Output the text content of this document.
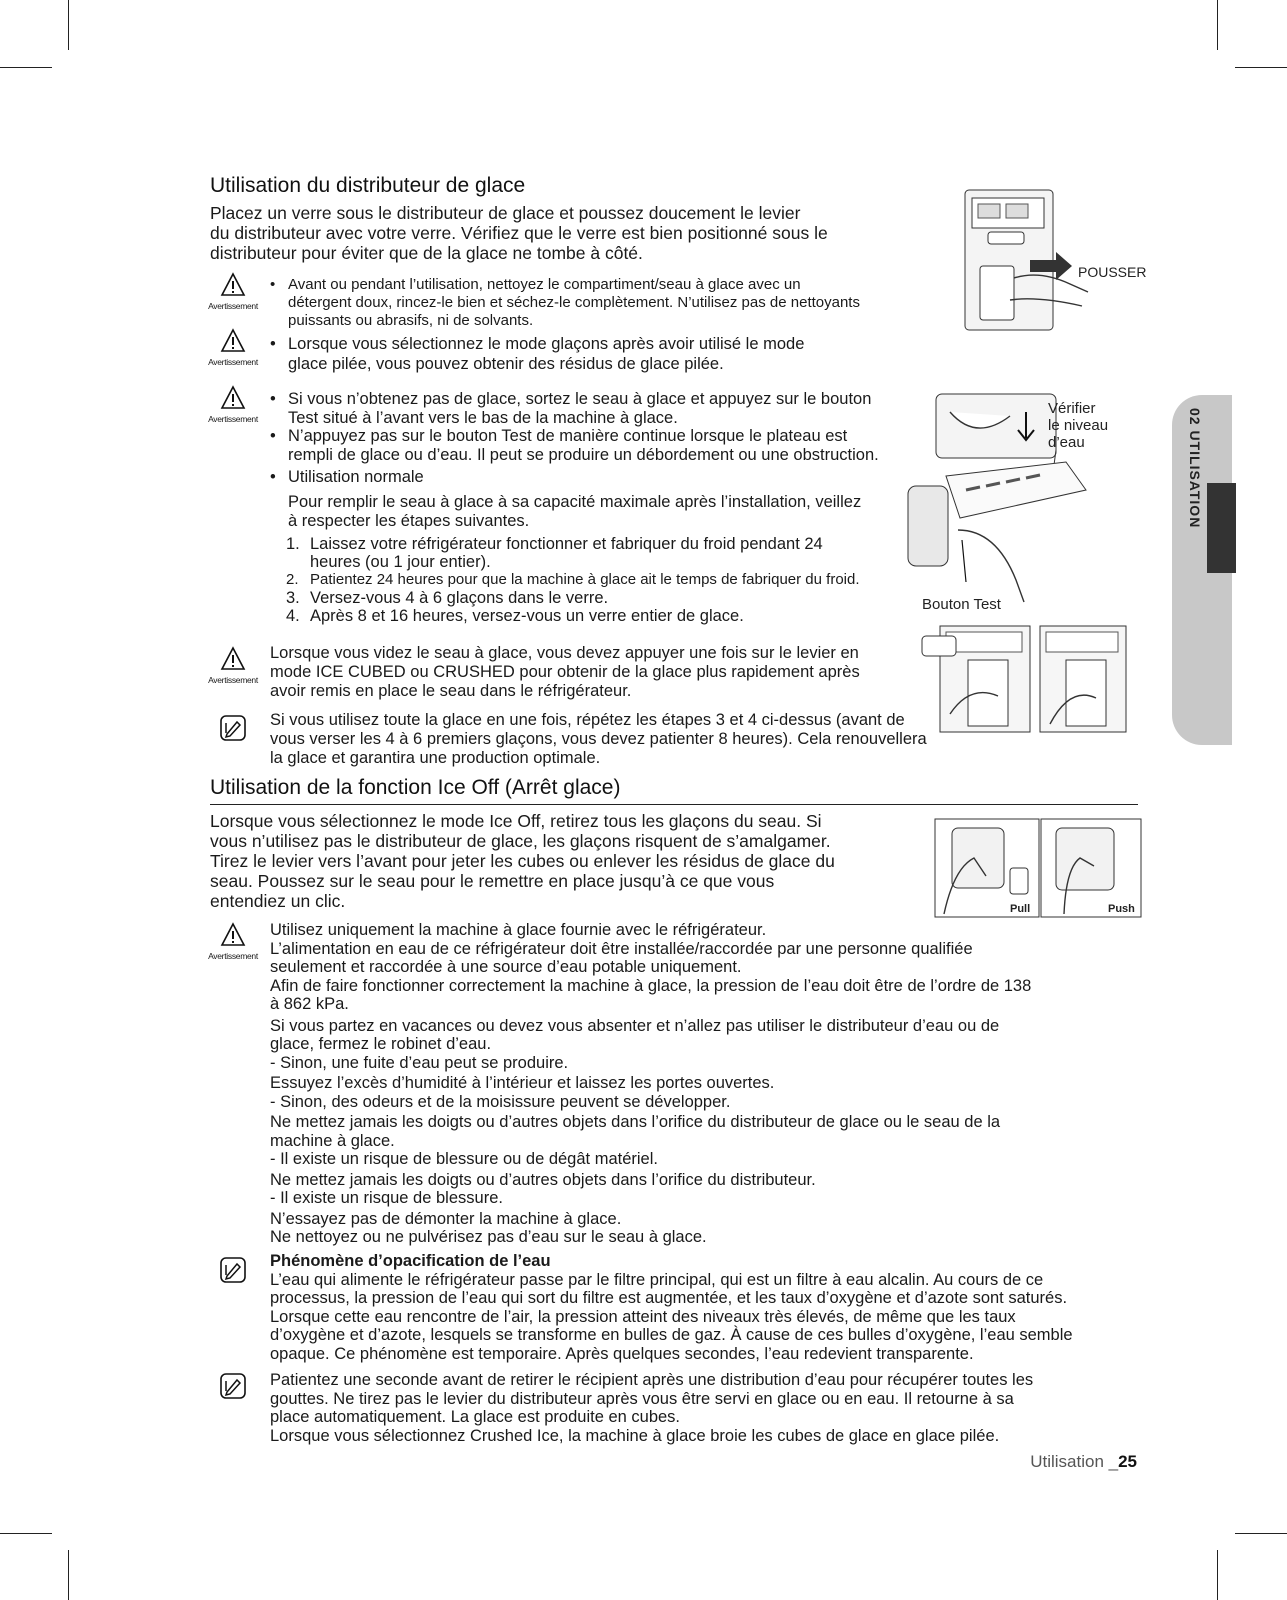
02 UTILISATION
Utilisation du distributeur de glace
Placez un verre sous le distributeur de glace et poussez doucement le levier
du distributeur avec votre verre. Vérifiez que le verre est bien positionné sous le
distributeur pour éviter que de la glace ne tombe à côté.
Avertissement
• Avant ou pendant l’utilisation, nettoyez le compartiment/seau à glace avec un
détergent doux, rincez-le bien et séchez-le complètement. N’utilisez pas de nettoyants
puissants ou abrasifs, ni de solvants.
Avertissement
• Lorsque vous sélectionnez le mode glaçons après avoir utilisé le mode
glace pilée, vous pouvez obtenir des résidus de glace pilée.
Avertissement
• Si vous n’obtenez pas de glace, sortez le seau à glace et appuyez sur le bouton
Test situé à l’avant vers le bas de la machine à glace.
• N’appuyez pas sur le bouton Test de manière continue lorsque le plateau est
rempli de glace ou d’eau. Il peut se produire un débordement ou une obstruction.
• Utilisation normale
Pour remplir le seau à glace à sa capacité maximale après l’installation, veillez
à respecter les étapes suivantes.
1. Laissez votre réfrigérateur fonctionner et fabriquer du froid pendant 24
heures (ou 1 jour entier).
2. Patientez 24 heures pour que la machine à glace ait le temps de fabriquer du froid.
3. Versez-vous 4 à 6 glaçons dans le verre.
4. Après 8 et 16 heures, versez-vous un verre entier de glace.
Avertissement
Lorsque vous videz le seau à glace, vous devez appuyer une fois sur le levier en
mode ICE CUBED ou CRUSHED pour obtenir de la glace plus rapidement après
avoir remis en place le seau dans le réfrigérateur.
Si vous utilisez toute la glace en une fois, répétez les étapes 3 et 4 ci-dessus (avant de
vous verser les 4 à 6 premiers glaçons, vous devez patienter 8 heures). Cela renouvellera
la glace et garantira une production optimale.
POUSSER
Vérifier
le niveau
d’eau
Bouton Test
Utilisation de la fonction Ice Off (Arrêt glace)
Lorsque vous sélectionnez le mode Ice Off, retirez tous les glaçons du seau. Si
vous n’utilisez pas le distributeur de glace, les glaçons risquent de s’amalgamer.
Tirez le levier vers l’avant pour jeter les cubes ou enlever les résidus de glace du
seau. Poussez sur le seau pour le remettre en place jusqu’à ce que vous
entendiez un clic.	Pull	Push
Avertissement
Utilisez uniquement la machine à glace fournie avec le réfrigérateur.
L’alimentation en eau de ce réfrigérateur doit être installée/raccordée par une personne qualifiée
seulement et raccordée à une source d’eau potable uniquement.
Afin de faire fonctionner correctement la machine à glace, la pression de l’eau doit être de l’ordre de 138
à 862 kPa.
Si vous partez en vacances ou devez vous absenter et n’allez pas utiliser le distributeur d’eau ou de
glace, fermez le robinet d’eau.
- Sinon, une fuite d’eau peut se produire.
Essuyez l’excès d’humidité à l’intérieur et laissez les portes ouvertes.
- Sinon, des odeurs et de la moisissure peuvent se développer.
Ne mettez jamais les doigts ou d’autres objets dans l’orifice du distributeur de glace ou le seau de la
machine à glace.
- Il existe un risque de blessure ou de dégât matériel.
Ne mettez jamais les doigts ou d’autres objets dans l’orifice du distributeur.
- Il existe un risque de blessure.
N’essayez pas de démonter la machine à glace.
Ne nettoyez ou ne pulvérisez pas d’eau sur le seau à glace.
Phénomène d’opacification de l’eau
L’eau qui alimente le réfrigérateur passe par le filtre principal, qui est un filtre à eau alcalin. Au cours de ce
processus, la pression de l’eau qui sort du filtre est augmentée, et les taux d’oxygène et d’azote sont saturés.
Lorsque cette eau rencontre de l’air, la pression atteint des niveaux très élevés, de même que les taux
d’oxygène et d’azote, lesquels se transforme en bulles de gaz. À cause de ces bulles d’oxygène, l’eau semble
opaque. Ce phénomène est temporaire. Après quelques secondes, l’eau redevient transparente.
Patientez une seconde avant de retirer le récipient après une distribution d’eau pour récupérer toutes les
gouttes. Ne tirez pas le levier du distributeur après vous être servi en glace ou en eau. Il retourne à sa
place automatiquement. La glace est produite en cubes.
Lorsque vous sélectionnez Crushed Ice, la machine à glace broie les cubes de glace en glace pilée.
Utilisation _25
